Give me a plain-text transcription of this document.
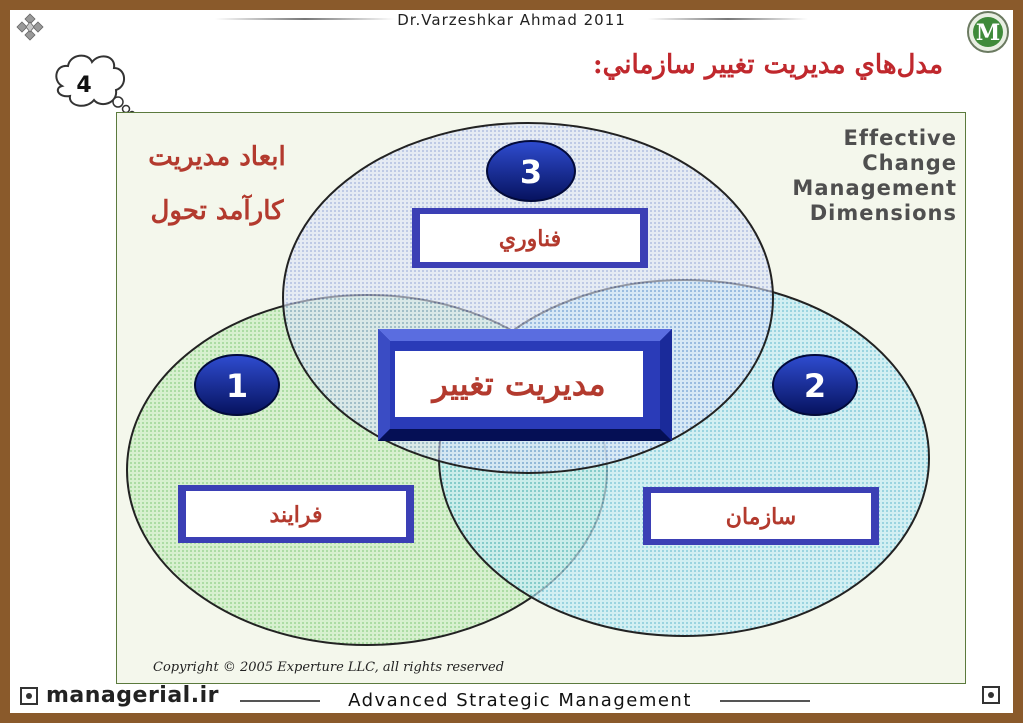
Dr.Varzeshkar Ahmad 2011	M
4
مدل‌هاي مديريت تغيير سازماني:
3
1	2
فناوري
فرايند	سازمان
مديريت تغيير
ابعاد مديريت
كارآمد تحول
Effective
Change
Management
Dimensions
Copyright © 2005 Experture LLC, all rights reserved
managerial.ir	Advanced Strategic Management
